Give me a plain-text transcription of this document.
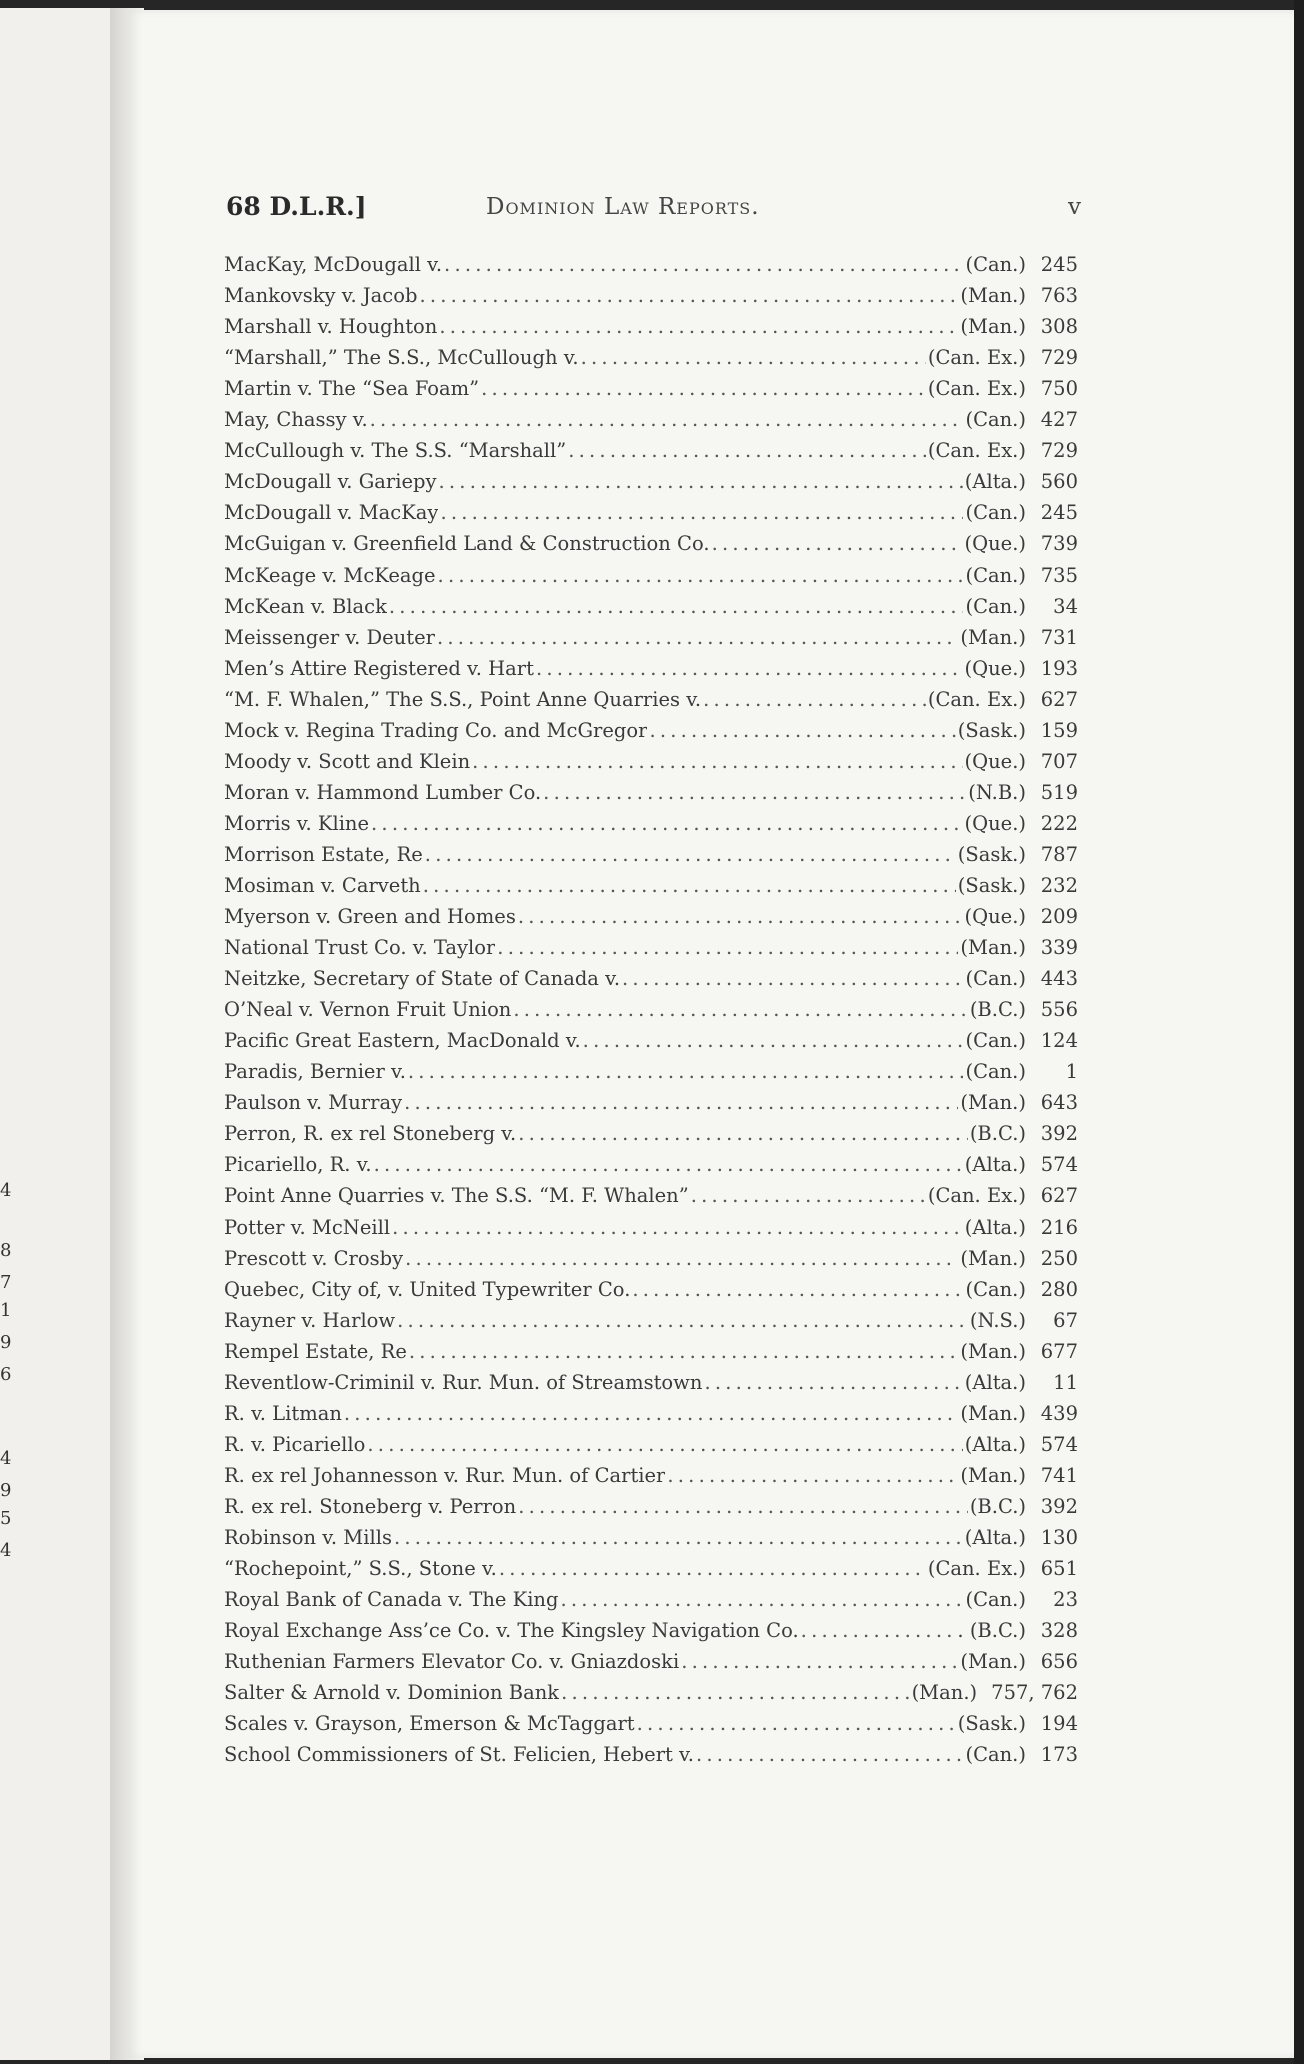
4
8
7
1
9
6
4
9
5
4
68 D.L.R.]	Dominion Law Reports.	v
MacKay, McDougall v. . . .	(Can.) 245
Mankovsky v. Jacob . . .	(Man.) 763
Marshall v. Houghton . . .	(Man.) 308
“Marshall,” The S.S., McCullough v. . . .	(Can. Ex.) 729
Martin v. The “Sea Foam” . . .	(Can. Ex.) 750
May, Chassy v. . . .	(Can.) 427
McCullough v. The S.S. “Marshall” . . .	(Can. Ex.) 729
McDougall v. Gariepy . . .	(Alta.) 560
McDougall v. MacKay . . .	(Can.) 245
McGuigan v. Greenfield Land & Construction Co. . . .	(Que.) 739
McKeage v. McKeage . . .	(Can.) 735
McKean v. Black . . .	(Can.)	34
Meissenger v. Deuter . . .	(Man.) 731
Men’s Attire Registered v. Hart . . .	(Que.) 193
“M. F. Whalen,” The S.S., Point Anne Quarries v. . . .	(Can. Ex.) 627
Mock v. Regina Trading Co. and McGregor . . .	(Sask.) 159
Moody v. Scott and Klein . . .	(Que.) 707
Moran v. Hammond Lumber Co. . . .	(N.B.) 519
Morris v. Kline . . .	(Que.) 222
Morrison Estate, Re . . .	(Sask.) 787
Mosiman v. Carveth . . .	(Sask.) 232
Myerson v. Green and Homes . . .	(Que.) 209
National Trust Co. v. Taylor . . .	(Man.) 339
Neitzke, Secretary of State of Canada v. . . .	(Can.) 443
O’Neal v. Vernon Fruit Union . . .	(B.C.) 556
Pacific Great Eastern, MacDonald v. . . .	(Can.) 124
Paradis, Bernier v. . . .	(Can.)	1
Paulson v. Murray . . .	(Man.) 643
Perron, R. ex rel Stoneberg v. . . .	(B.C.) 392
Picariello, R. v. . . .	(Alta.) 574
Point Anne Quarries v. The S.S. “M. F. Whalen” . . .	(Can. Ex.) 627
Potter v. McNeill . . .	(Alta.) 216
Prescott v. Crosby . . .	(Man.) 250
Quebec, City of, v. United Typewriter Co. . . .	(Can.) 280
Rayner v. Harlow . . .	(N.S.)	67
Rempel Estate, Re . . .	(Man.) 677
Reventlow-Criminil v. Rur. Mun. of Streamstown . . .	(Alta.)	11
R. v. Litman . . .	(Man.) 439
R. v. Picariello . . .	(Alta.) 574
R. ex rel Johannesson v. Rur. Mun. of Cartier . . .	(Man.) 741
R. ex rel. Stoneberg v. Perron . . .	(B.C.) 392
Robinson v. Mills . . .	(Alta.) 130
“Rochepoint,” S.S., Stone v. . . .	(Can. Ex.) 651
Royal Bank of Canada v. The King . . .	(Can.)	23
Royal Exchange Ass’ce Co. v. The Kingsley Navigation Co. . . .	. (B.C.) 328
Ruthenian Farmers Elevator Co. v. Gniazdoski . . .	(Man.) 656
Salter & Arnold v. Dominion Bank . . .	(Man.) 757, 762
Scales v. Grayson, Emerson & McTaggart . . .	(Sask.) 194
School Commissioners of St. Felicien, Hebert v. . . .	(Can.) 173
